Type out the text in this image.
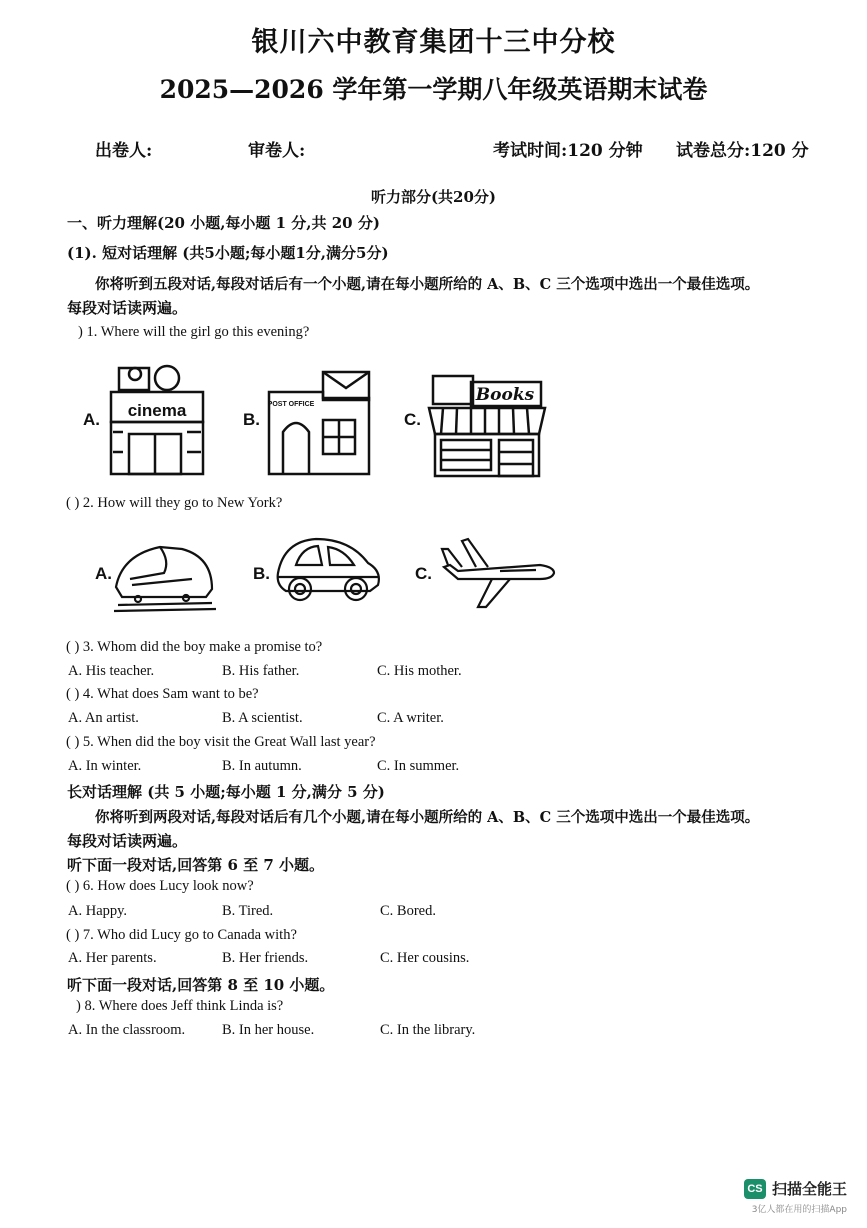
银川六中教育集团十三中分校
2025—2026 学年第一学期八年级英语期末试卷
出卷人:	审卷人:	考试时间:120 分钟 试卷总分:120 分
听力部分(共20分)
一、听力理解(20 小题,每小题 1 分,共 20 分)
(1). 短对话理解 (共5小题;每小题1分,满分5分)
你将听到五段对话,每段对话后有一个小题,请在每小题所给的 A、B、C 三个选项中选出一个最佳选项。
每段对话读两遍。
) 1. Where will the girl go this evening?
A.	B.	C.
cinema	POST OFFICE	Books
( ) 2. How will they go to New York?
A.	B.	C.
( ) 3. Whom did the boy make a promise to?
A. His teacher.	B. His father.	C. His mother.
( ) 4. What does Sam want to be?
A. An artist.	B. A scientist.	C. A writer.
( ) 5. When did the boy visit the Great Wall last year?
A. In winter.	B. In autumn.	C. In summer.
长对话理解 (共 5 小题;每小题 1 分,满分 5 分)
你将听到两段对话,每段对话后有几个小题,请在每小题所给的 A、B、C 三个选项中选出一个最佳选项。
每段对话读两遍。
听下面一段对话,回答第 6 至 7 小题。
( ) 6. How does Lucy look now?
A. Happy.	B. Tired.	C. Bored.
( ) 7. Who did Lucy go to Canada with?
A. Her parents.	B. Her friends.	C. Her cousins.
听下面一段对话,回答第 8 至 10 小题。
) 8. Where does Jeff think Linda is?
A. In the classroom.	B. In her house.	C. In the library.
CS 扫描全能王
3亿人都在用的扫描App
